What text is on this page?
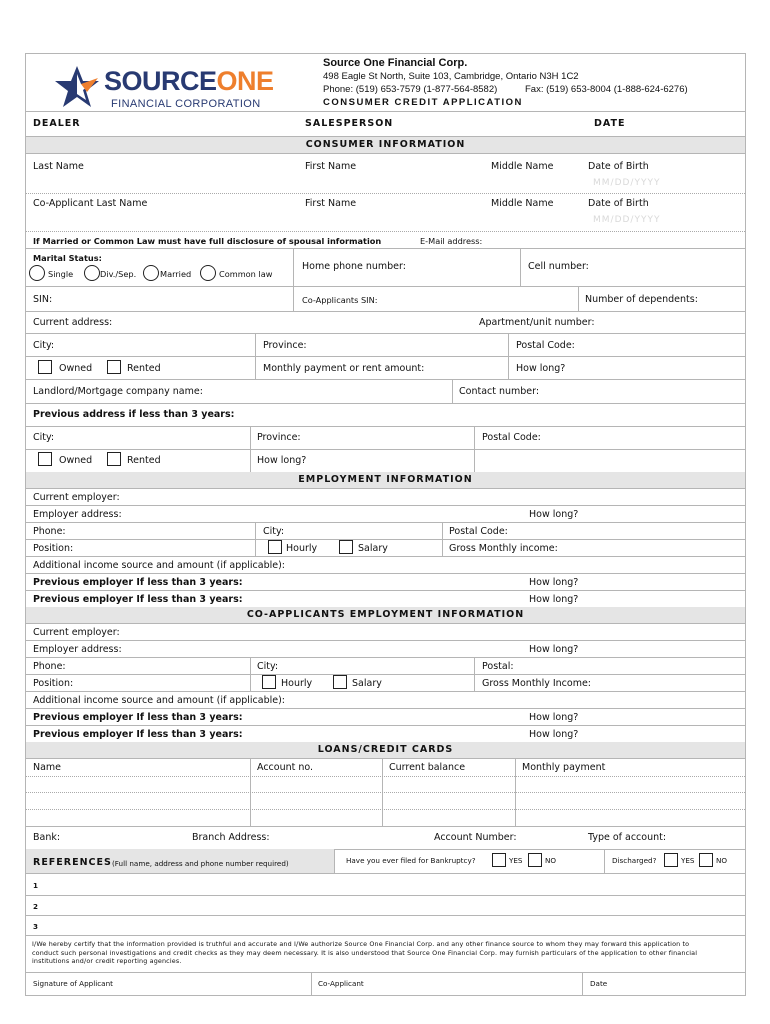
SOURCEONE
FINANCIAL CORPORATION
Source One Financial Corp.
498 Eagle St North, Suite 103, Cambridge, Ontario N3H 1C2
Phone: (519) 653-7579 (1-877-564-8582)	Fax: (519) 653-8004 (1-888-624-6276)
CONSUMER CREDIT APPLICATION
DEALER	SALESPERSON	DATE
CONSUMER INFORMATION
Last Name	First Name	Middle Name	Date of Birth
MM/DD/YYYY
Co-Applicant Last Name	First Name	Middle Name	Date of Birth
MM/DD/YYYY
If Married or Common Law must have full disclosure of spousal information	E-Mail address:
Marital Status:
Single	Div./Sep.	Married	Common law
Home phone number:	Cell number:
SIN:	Co-Applicants SIN:	Number of dependents:
Current address:	Apartment/unit number:
City:	Province:	Postal Code:
Owned	Rented	Monthly payment or rent amount:	How long?
Landlord/Mortgage company name:	Contact number:
Previous address if less than 3 years:
City:	Province:	Postal Code:
Owned	Rented	How long?
EMPLOYMENT INFORMATION
Current employer:
Employer address:	How long?
Phone:	City:	Postal Code:
Position:	Hourly	Salary	Gross Monthly income:
Additional income source and amount (if applicable):
Previous employer If less than 3 years:	How long?
Previous employer If less than 3 years:	How long?
CO-APPLICANTS EMPLOYMENT INFORMATION
Current employer:
Employer address:	How long?
Phone:	City:	Postal:
Position:	Hourly	Salary	Gross Monthly Income:
Additional income source and amount (if applicable):
Previous employer If less than 3 years:	How long?
Previous employer If less than 3 years:	How long?
LOANS/CREDIT CARDS
Name	Account no.	Current balance	Monthly payment
Bank:	Branch Address:	Account Number:	Type of account:
REFERENCES (Full name, address and phone number required)	Have you ever filed for Bankruptcy?	YES	NO	Discharged?	YES	NO
1
2
3
I/We hereby certify that the information provided is truthful and accurate and I/We authorize Source One Financial Corp. and any other finance source to whom they may forward this application to conduct such personal investigations and credit checks as they may deem necessary. It is also understood that Source One Financial Corp. may furnish particulars of the application to other financial institutions and/or credit reporting agencies.
Signature of Applicant	Co-Applicant	Date
